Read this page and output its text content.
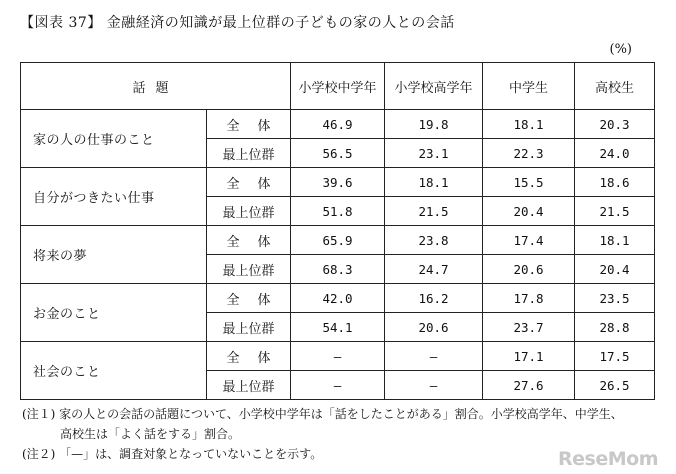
【図表 37】 金融経済の知識が最上位群の子どもの家の人との会話
(%)
話題		小学校中学年	小学校高学年	中学生	高校生
家の人の仕事のこと	全体	46.9	19.8	18.1	20.3
	最上位群	56.5	23.1	22.3	24.0
自分がつきたい仕事	全体	39.6	18.1	15.5	18.6
	最上位群	51.8	21.5	20.4	21.5
将来の夢	全体	65.9	23.8	17.4	18.1
	最上位群	68.3	24.7	20.6	20.4
お金のこと	全体	42.0	16.2	17.8	23.5
	最上位群	54.1	20.6	23.7	28.8
社会のこと	全体	—	—	17.1	17.5
	最上位群	—	—	27.6	26.5
(注１) 家の人との会話の話題について、小学校中学年は「話をしたことがある」割合。小学校高学年、中学生、
高校生は「よく話をする」割合。
(注２) 「—」は、調査対象となっていないことを示す。	ReseMom
